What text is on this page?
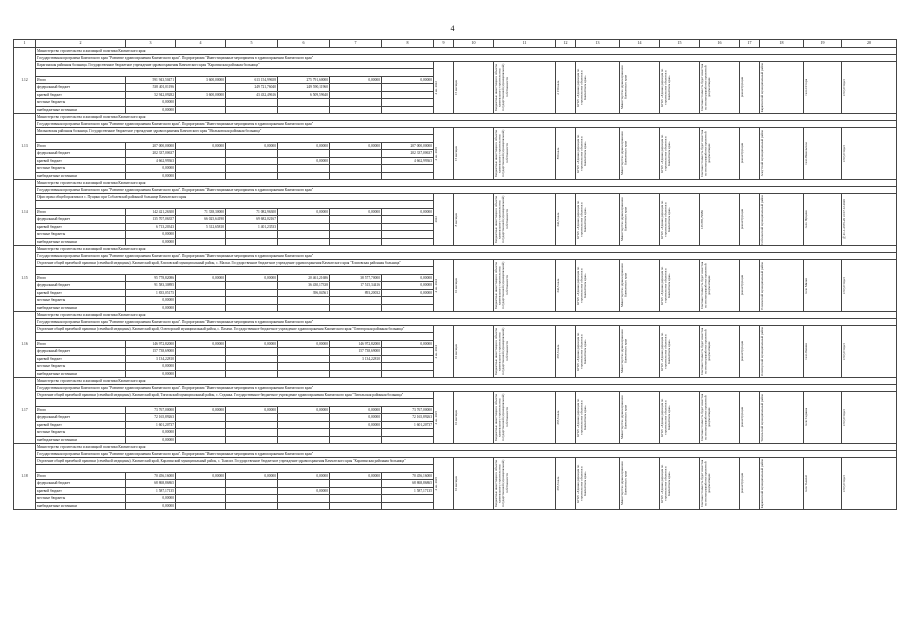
4
1	2	3	4	5	6	7	8	9	10	11	12	13	14	15	16	17	18	19	20
1.12	Министерство строительства и жилищной политики Камчатского края																		
	Государственная программа Камчатского края "Развитие здравоохранения Камчатского края". Подпрограмма "Инвестиционные мероприятия в здравоохранении Камчатского края"																		
	Карагинская районная больница. Государственное бюджетное учреждение здравоохранения Камчатского края "Карагинская районная больница"							4 кв. 2022	15 месяцев	Бюджетные инвестиции в объекты капитального строительства государственной (муниципальной) собственности	2 150 кв.м.	КГКУ «Единая дирекция по строительству объектов в Камчатском крае»	Министерство здравоохранения Камчатского края	КГКУ «Единая дирекция по строительству объектов в Камчатском крае»	Сметная стоимость будет известна по итогам разработки проектной документации	реконструкция	Карагинский муниципальный район	село Оссора	Отсутствует

	Итого	591 943,50471	3 600,00000	613 154,99658	275 791,60000	0,00000	0,00000												
	федеральный бюджет	538 401,01196		249 721,76040	249 590,11960														
	краевой бюджет	52 942,09282	3 600,00000	43 432,49616	6 509,59640														
	местные бюджеты	0,00000																	
	внебюджетные источники	0,00000																	
1.13	Министерство строительства и жилищной политики Камчатского края																		
	Государственная программа Камчатского края "Развитие здравоохранения Камчатского края". Подпрограмма "Инвестиционные мероприятия в здравоохранении Камчатского края"																		
	Мильковская районная больница. Государственное бюджетное учреждение здравоохранения Камчатского края "Мильковская районная больница"							4 кв. 2026	15 месяцев	Бюджетные инвестиции в объекты капитального строительства государственной (муниципальной) собственности	850 кв.м.	КГКУ «Единая дирекция по строительству объектов в Камчатском крае»	Министерство здравоохранения Камчатского края	КГКУ «Единая дирекция по строительству объектов в Камчатском крае»	Сметная стоимость будет известна по итогам разработки проектной документации	реконструкция	Алеутский муниципальный район	село Никольское	Отсутствует

	Итого	207 000,00000	0,00000	0,00000	0,00000	0,00000	207 000,00000												
	федеральный бюджет	202 337,00637					202 337,00637												
	краевой бюджет	4 662,99363			0,00000		4 662,99363												
	местные бюджеты	0,00000																	
	внебюджетные источники	0,00000																	
1.14	Министерство строительства и жилищной политики Камчатского края																		
	Государственная программа Камчатского края "Развитие здравоохранения Камчатского края". Подпрограмма "Инвестиционные мероприятия в здравоохранении Камчатского края"																		
	Офис врача общей практики в с. Пущино при Соболевской районной больнице Камчатского края							2022	8 месяцев	Бюджетные инвестиции в объекты капитального строительства государственной (муниципальной) собственности	342,5 кв.м.	КГКУ «Единая дирекция по строительству объектов в Камчатском крае»	Министерство здравоохранения Камчатского края	КГКУ «Единая дирекция по строительству объектов в Камчатском крае»	136 885,79980	реконструкция	Соболевский муниципальный район	село Пущино	№41-1-2676-20 от 07.12.2020

	Итого	142 421,26300	71 338,30000	71 082,96300	0,00000	0,00000	0,00000												
	федеральный бюджет	135 707,06357	66 025,64190	69 682,02167															
	краевой бюджет	6 713,20343	5 312,65810	1 401,23533															
	местные бюджеты	0,00000																	
	внебюджетные источники	0,00000																	
1.15	Министерство строительства и жилищной политики Камчатского края																		
	Государственная программа Камчатского края "Развитие здравоохранения Камчатского края". Подпрограмма "Инвестиционные мероприятия в здравоохранении Камчатского края"																		
	Отделение общей врачебной практики (семейной медицины). Камчатский край, Елизовский муниципальный район, с. Малки. Государственное бюджетное учреждение здравоохранения Камчатского края "Елизовская районная больница"							4 кв. 2024	10 месяцев	Бюджетные инвестиции в объекты капитального строительства государственной (муниципальной) собственности	342,5 кв.м.	КГКУ «Единая дирекция по строительству объектов в Камчатском крае»	Министерство здравоохранения Камчатского края	КГКУ «Единая дирекция по строительству объектов в Камчатском крае»	Сметная стоимость будет известна по итогам разработки проектной документации	реконструкция	Елизовский муниципальный район	село Малки	Отсутствует

	Итого	95 778,82086	0,00000	0,00000	20 461,21686	38 577,70000	0,00000												
	федеральный бюджет	91 583,30895			36 430,17338	17 515,34416	0,00000												
	краевой бюджет	1 835,05175			396,04561	893,20032	0,00000												
	местные бюджеты	0,00000																	
	внебюджетные источники	0,00000																	
1.16	Министерство строительства и жилищной политики Камчатского края																		
	Государственная программа Камчатского края "Развитие здравоохранения Камчатского края". Подпрограмма "Инвестиционные мероприятия в здравоохранении Камчатского края"																		
	Отделение общей врачебной практики (семейной медицины). Камчатский край, Олюторский муниципальный район, с. Пахачи. Государственное бюджетное учреждение здравоохранения Камчатского края "Олюторская районная больница"							4 кв. 2024	10 месяцев	Бюджетные инвестиции в объекты капитального строительства государственной (муниципальной) собственности	367,6 кв.м.	КГКУ «Единая дирекция по строительству объектов в Камчатском крае»	Министерство здравоохранения Камчатского края	КГКУ «Единая дирекция по строительству объектов в Камчатском крае»	Сметная стоимость будет известна по итогам разработки проектной документации	реконструкция	Олюторский муниципальный район	село Пахачи	Отсутствует

	Итого	146 972,82000	0,00000	0,00000	0,00000	146 972,82000	0,00000												
	федеральный бюджет	157 738,69000				157 738,69000													
	краевой бюджет	3 134,22810				3 134,22810													
	местные бюджеты	0,00000																	
	внебюджетные источники	0,00000																	
1.17	Министерство строительства и жилищной политики Камчатского края																		
	Государственная программа Камчатского края "Развитие здравоохранения Камчатского края". Подпрограмма "Инвестиционные мероприятия в здравоохранении Камчатского края"																		
	Отделение общей врачебной практики (семейной медицины). Камчатский край, Тигильский муниципальный район, с. Седанка. Государственное бюджетное учреждение здравоохранения Камчатского края "Тигильская районная больница"							4 кв. 2025	10 месяцев	Бюджетные инвестиции в объекты капитального строительства государственной (муниципальной) собственности	367,6 кв.м.	КГКУ «Единая дирекция по строительству объектов в Камчатском крае»	Министерство здравоохранения Камчатского края	КГКУ «Единая дирекция по строительству объектов в Камчатском крае»	Сметная стоимость будет известна по итогам разработки проектной документации	реконструкция	Тигильский муниципальный район	село Седанка	Отсутствует

	Итого	73 767,00000	0,00000	0,00000	0,00000	0,00000	73 767,00000												
	федеральный бюджет	72 165,89263				0,00000	72 165,89263												
	краевой бюджет	1 601,20737				0,00000	1 601,20737												
	местные бюджеты	0,00000																	
	внебюджетные источники	0,00000																	
1.18	Министерство строительства и жилищной политики Камчатского края																		
	Государственная программа Камчатского края "Развитие здравоохранения Камчатского края". Подпрограмма "Инвестиционные мероприятия в здравоохранении Камчатского края"																		
	Отделение общей врачебной практики (семейной медицины). Камчатский край, Карагинский муниципальный район, с. Тымлат. Государственное бюджетное учреждение здравоохранения Камчатского края "Карагинская районная больница"							4 кв. 2026	10 месяцев	Бюджетные инвестиции в объекты капитального строительства государственной (муниципальной) собственности	367,6 кв.м.	КГКУ «Единая дирекция по строительству объектов в Камчатском крае»	Министерство здравоохранения Камчатского края	КГКУ «Единая дирекция по строительству объектов в Камчатском крае»	Сметная стоимость будет известна по итогам разработки проектной документации	реконструкция	Карагинский муниципальный район	село Тымлат	Отсутствует

	Итого	70 456,16000	0,00000	0,00000	0,00000	0,00000	70 456,16000												
	федеральный бюджет	68 868,86865					68 868,86865												
	краевой бюджет	1 587,17135			0,00000		1 587,17135												
	местные бюджеты	0,00000																	
	внебюджетные источники	0,00000																	
